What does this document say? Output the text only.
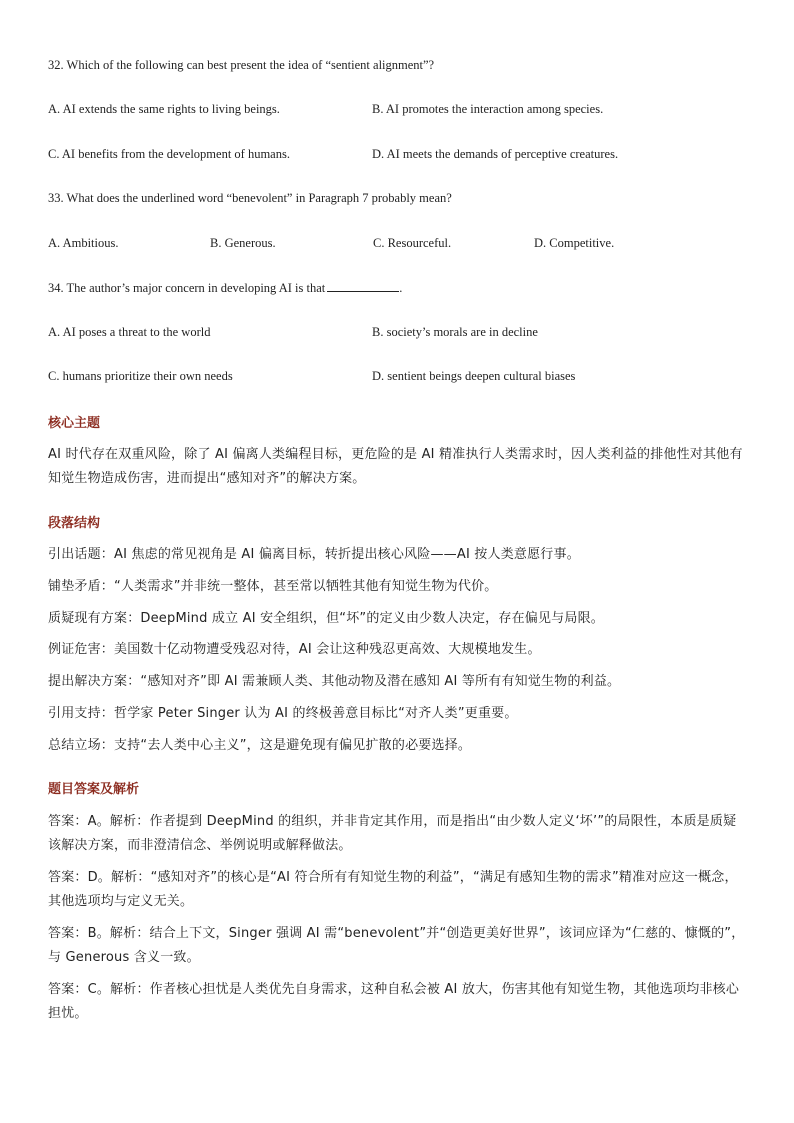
32. Which of the following can best present the idea of “sentient alignment”?
A. AI extends the same rights to living beings.	B. AI promotes the interaction among species.
C. AI benefits from the development of humans.	D. AI meets the demands of perceptive creatures.
33. What does the underlined word “benevolent” in Paragraph 7 probably mean?
A. Ambitious.	B. Generous.	C. Resourceful.	D. Competitive.
34. The author’s major concern in developing AI is that	.
A. AI poses a threat to the world	B. society’s morals are in decline
C. humans prioritize their own needs	D. sentient beings deepen cultural biases
核心主题
AI 时代存在双重风险，除了 AI 偏离人类编程目标，更危险的是 AI 精准执行人类需求时，因人类利益的排他性对其他有知觉生物造成伤害，进而提出“感知对齐”的解决方案。
段落结构
引出话题：AI 焦虑的常见视角是 AI 偏离目标，转折提出核心风险——AI 按人类意愿行事。
铺垫矛盾：“人类需求”并非统一整体，甚至常以牺牲其他有知觉生物为代价。
质疑现有方案：DeepMind 成立 AI 安全组织，但“坏”的定义由少数人决定，存在偏见与局限。
例证危害：美国数十亿动物遭受残忍对待，AI 会让这种残忍更高效、大规模地发生。
提出解决方案：“感知对齐”即 AI 需兼顾人类、其他动物及潜在感知 AI 等所有有知觉生物的利益。
引用支持：哲学家 Peter Singer 认为 AI 的终极善意目标比“对齐人类”更重要。
总结立场：支持“去人类中心主义”，这是避免现有偏见扩散的必要选择。
题目答案及解析
答案：A。解析：作者提到 DeepMind 的组织，并非肯定其作用，而是指出“由少数人定义‘坏’”的局限性，本质是质疑该解决方案，而非澄清信念、举例说明或解释做法。
答案：D。解析：“感知对齐”的核心是“AI 符合所有有知觉生物的利益”，“满足有感知生物的需求”精准对应这一概念，其他选项均与定义无关。
答案：B。解析：结合上下文，Singer 强调 AI 需“benevolent”并“创造更美好世界”，该词应译为“仁慈的、慷慨的”，与 Generous 含义一致。
答案：C。解析：作者核心担忧是人类优先自身需求，这种自私会被 AI 放大，伤害其他有知觉生物，其他选项均非核心担忧。
